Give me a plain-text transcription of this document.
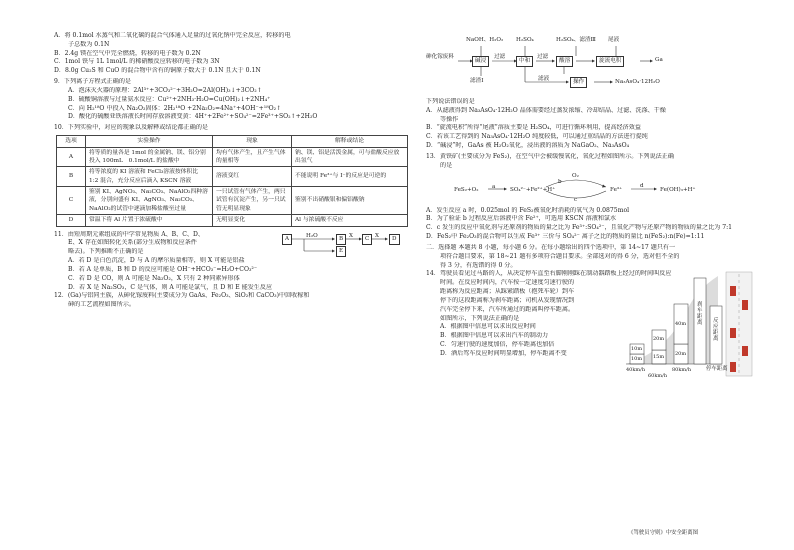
A．将 0.1mol 水蒸气和二氧化碳的混合气体通入足量的过氧化钠中完全反应，转移的电
子总数为 0.1N
B．2.4g 镁在空气中完全燃烧，转移的电子数为 0.2N
C．1mol 铁与 1L 1mol/L 的稀硝酸反应转移的电子数为 3N
D．8.0g Cu₂S 和 CuO 的混合物中含有的铜原子数大于 0.1N 且大于 0.1N
9．下列离子方程式正确的是
A．泡沫灭火器的原理：2Al³⁺+3CO₃²⁻+3H₂O=2Al(OH)₃↓+3CO₂↑
B．硫酸铜溶液与过量氨水反应：Cu²⁺+2NH₃·H₂O=Cu(OH)₂↓+2NH₄⁺
C．向 H₂¹⁸O 中投入 Na₂O₂固体：2H₂¹⁸O +2Na₂O₂=4Na⁺+4OH⁻+¹⁸O₂↑
D．酸化的硫酸亚铁溶液长时间存放溶液变黄：4H⁺+2Fe²⁺+SO₄²⁻=2Fe³⁺+SO₂↑+2H₂O
10．下列实验中，对应的现象以及解释或结论都正确的是
选项	实验操作	现象	解释或结论
A	将等质的量各是 1mol 的金属钠、镁、铝分别投入 100mL　0.1mol/L 的盐酸中	均有气体产生，且产生气体的量相等	钠、镁、铝是活泼金属，可与盐酸反应放出氢气
B	将等浓度的 KI 溶液和 FeCl₃溶液按体积比 1:2 混合，充分反应后滴入 KSCN 溶液	溶液变红	不能说明 Fe³⁺与 I⁻的反应是可逆的
C	鉴别 KI、AgNO₃、Na₂CO₃、NaAlO₂四种溶液，分别向盛有 KI、AgNO₃、Na₂CO₃、NaAlO₂的试管中逐滴加稀盐酸至过量	一只试管有气体产生，两只试管有沉淀产生，另一只试管无明显现象	鉴别不出硝酸银和偏铝酸钠
D	常温下将 Al 片置于浓硫酸中	无明显变化	Al 与浓硫酸不反应
11．由短周期元素组成的中学常见物质 A、B、C、D、
E、X 存在如图转化关系(部分生成物和反应条件
略去)。下列推断不正确的是
A	H₂O	B	X	C	X	D
E
A．若 D 是白色沉淀，D 与 A 的摩尔质量相等，则 X 可能是铝盐
B．若 A 是单质，B 和 D 的反应可能是 OH⁻+HCO₃⁻=H₂O+CO₃²⁻
C．若 D 是 CO，则 A 可能是 Na₂O₂，X 只有 2 种同素异形体
D．若 X 是 Na₂SO₃，C 是气体，则 A 可能是氯气，且 D 和 E 能发生反应
12．(Ga)与铝同主族，从砷化镓废料(主要成分为 GaAs、Fe₂O₃、SiO₂和 CaCO₃)中回收稼和
砷的工艺流程如图所示。
NaOH、H₂O₂ H₂SO₄	H₂SO₄、滤渣Ⅲ 尾液
砷化镓废料
碱浸
过滤
中和
过滤
酸溶	旋流电积	Ga
滤渣Ⅰ	滤液	操作	Na₃AsO₄·12H₂O
下列说法错误的是
A．从滤液得到 Na₃AsO₄·12H₂O 晶体需要经过蒸发浓缩、冷却结晶、过滤、洗涤、干燥
等操作
B．“旋流电积”所得“尾液”溶质主要是 H₂SO₄，可进行循环利用，提高经济效益
C．若该工艺得到的 Na₃AsO₄·12H₂O 纯度较低，可以通过重结晶的方法进行提纯
D．“碱浸”时，GaAs 被 H₂O₂氧化，浸出液的溶质为 NaGaO₂、Na₃AsO₄
13．黄铁矿(主要成分为 FeS₂)，在空气中会被缓慢氧化，氧化过程如图所示。下列说法正确
的是
FeS₂+O₂ a	SO₄²⁻+Fe²⁺+H⁺
O₂
b
Fe³⁺
c
d
Fe(OH)₃+H⁺
A．发生反应 a 时，0.025mol 的 FeS₂被氧化时消耗的氧气为 0.0875mol
B．为了验证 b 过程反应后溶液中含 Fe²⁺，可选用 KSCN 溶液和氯水
C．c 发生的反应中氧化剂与还原剂的物质的量之比为 Fe³⁺:SO₄²⁻，且氧化产物与还原产物的物质的量之比为 7:1
D．FeS₂中 Fe₂O₃的混合物可以生成 Fe³⁺ 三价与 SO₄²⁻ 离子之比的物质的量比 n(FeS₂):n(Fe)=1:11
二．选择题 本题共 8 小题，每小题 6 分。在每小题给出的四个选项中，第 14~17 题只有一
项符合题目要求，第 18~21 题有多项符合题目要求。全部选对的得 6 分，选对但不全的
得 3 分，有选错的得 0 分。
14．驾驶员看见过马路的人，从决定停车直至右脚刚刚踩在制动器踏板上经过的时间叫反应
时间。在反应时间内，汽车按一定速度匀速行驶的
距离称为反应距离；从踩紧踏板（抱死车轮）到车
停下的这段距离称为刹车距离；司机从发现情况到
汽车完全停下来，汽车所通过的距离叫停车距离。
如图所示，下列说法正确的是
A．根据图中信息可以求出反应时间
B．根据图中信息可以求出汽车的制动力
C．匀速行驶的速度加倍，停车距离也加倍
D．酒后驾车反应时间明显增加，停车距离不变
10m
10m
15m
20m
20m
40m
40km/h
60km/h
80km/h
刹车距离 反应距离
停车距离
《驾驶员守则》中安全距离图
